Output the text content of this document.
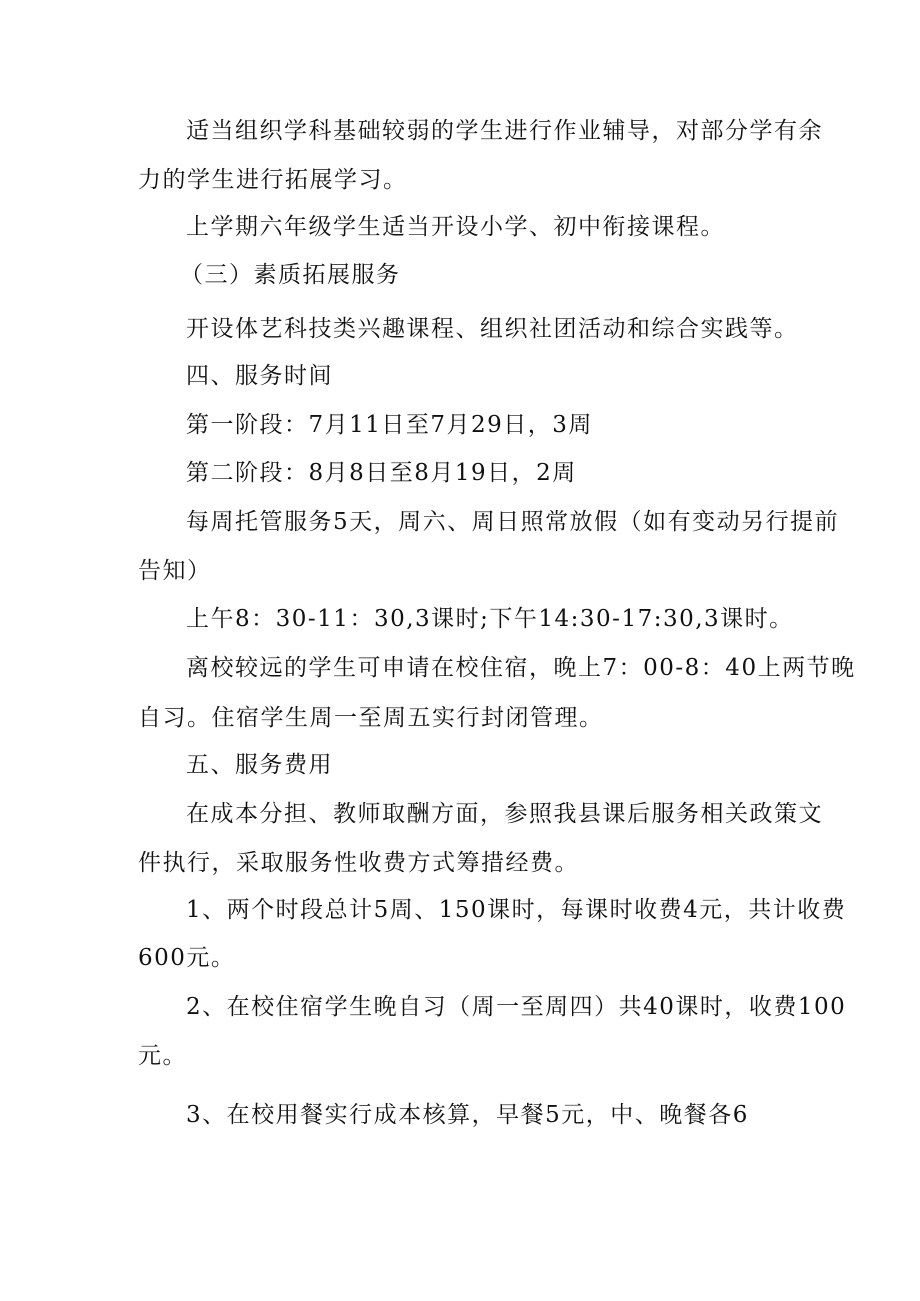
适当组织学科基础较弱的学生进行作业辅导，对部分学有余
力的学生进行拓展学习。
上学期六年级学生适当开设小学、初中衔接课程。
（三）素质拓展服务
开设体艺科技类兴趣课程、组织社团活动和综合实践等。
四、服务时间
第一阶段：7月11日至7月29日，3周
第二阶段：8月8日至8月19日，2周
每周托管服务5天，周六、周日照常放假（如有变动另行提前
告知）
上午8：30-11：30,3课时;下午14:30-17:30,3课时。
离校较远的学生可申请在校住宿，晚上7：00-8：40上两节晚
自习。住宿学生周一至周五实行封闭管理。
五、服务费用
在成本分担、教师取酬方面，参照我县课后服务相关政策文
件执行，采取服务性收费方式筹措经费。
1、两个时段总计5周、150课时，每课时收费4元，共计收费
600元。
2、在校住宿学生晚自习（周一至周四）共40课时，收费100
元。
3、在校用餐实行成本核算，早餐5元，中、晚餐各6
